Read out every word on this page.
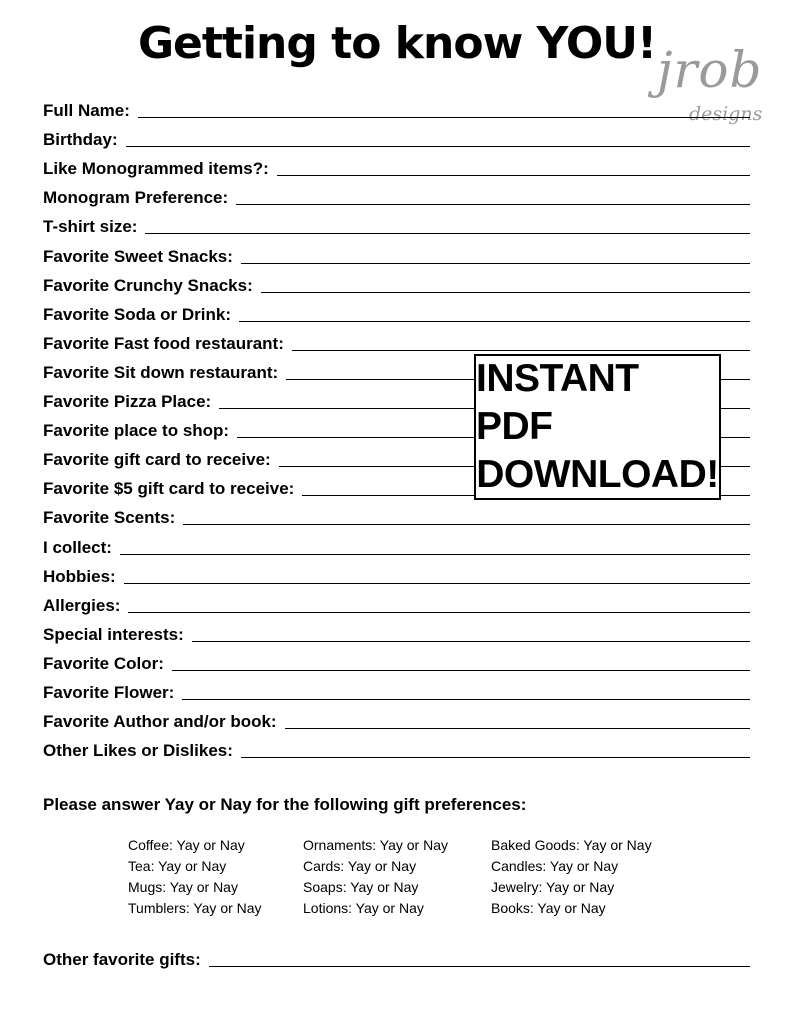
Getting to know YOU! jrob
designs
Full Name:
Birthday:
Like Monogrammed items?:
Monogram Preference:
T-shirt size:
Favorite Sweet Snacks:
Favorite Crunchy Snacks:
Favorite Soda or Drink:
Favorite Fast food restaurant:
Favorite Sit down restaurant:
Favorite Pizza Place:
Favorite place to shop:
Favorite gift card to receive:
Favorite $5 gift card to receive:
Favorite Scents:
I collect:
Hobbies:
Allergies:
Special interests:
Favorite Color:
Favorite Flower:
Favorite Author and/or book:
Other Likes or Dislikes:
INSTANT PDF
DOWNLOAD!
Please answer Yay or Nay for the following gift preferences:
Coffee: Yay or Nay
Tea: Yay or Nay
Mugs: Yay or Nay
Tumblers: Yay or Nay
Ornaments: Yay or Nay
Cards: Yay or Nay
Soaps: Yay or Nay
Lotions: Yay or Nay
Baked Goods: Yay or Nay
Candles: Yay or Nay
Jewelry: Yay or Nay
Books: Yay or Nay
Other favorite gifts:
